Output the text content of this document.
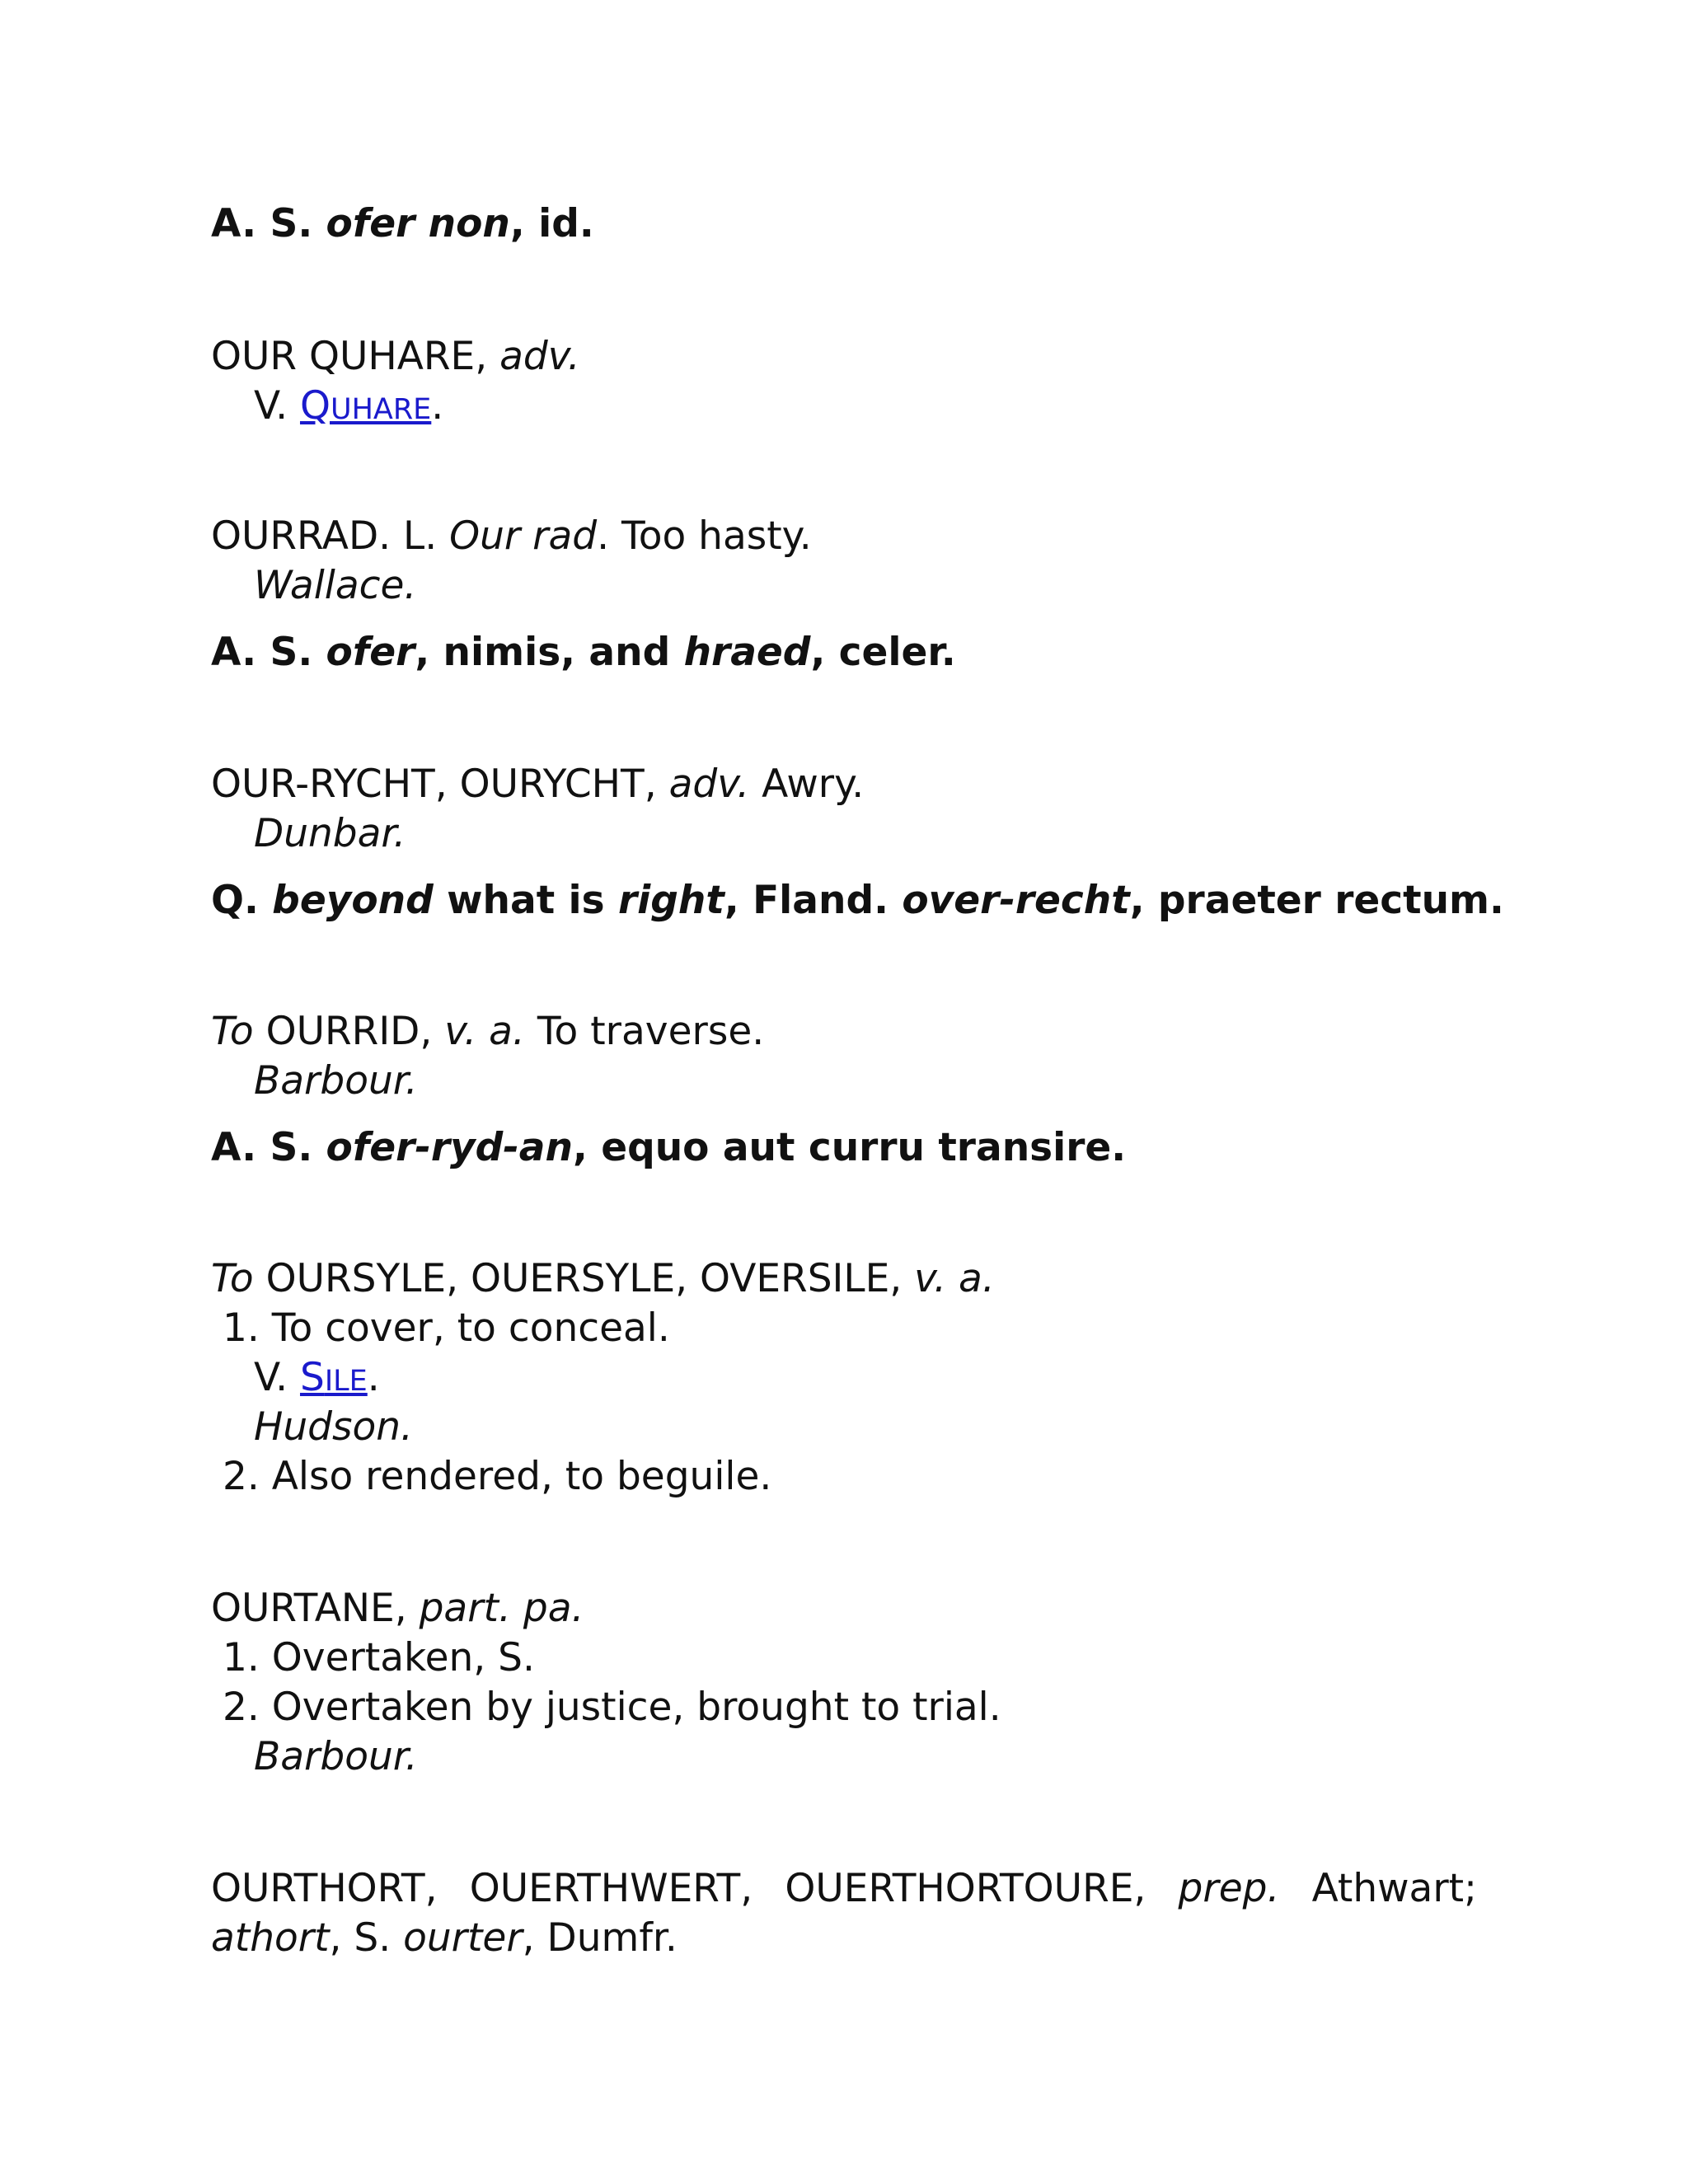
A. S. ofer non, id.
OUR QUHARE, adv.
V. QUHARE.
OURRAD. L. Our rad. Too hasty.
Wallace.
A. S. ofer, nimis, and hraed, celer.
OUR-RYCHT, OURYCHT, adv. Awry.
Dunbar.
Q. beyond what is right, Fland. over-recht, praeter rectum.
To OURRID, v. a. To traverse.
Barbour.
A. S. ofer-ryd-an, equo aut curru transire.
To OURSYLE, OUERSYLE, OVERSILE, v. a.
1. To cover, to conceal.
V. SILE.
Hudson.
2. Also rendered, to beguile.
OURTANE, part. pa.
1. Overtaken, S.
2. Overtaken by justice, brought to trial.
Barbour.
OURTHORT, OUERTHWERT, OUERTHORTOURE, prep. Athwart;
athort, S. ourter, Dumfr.
